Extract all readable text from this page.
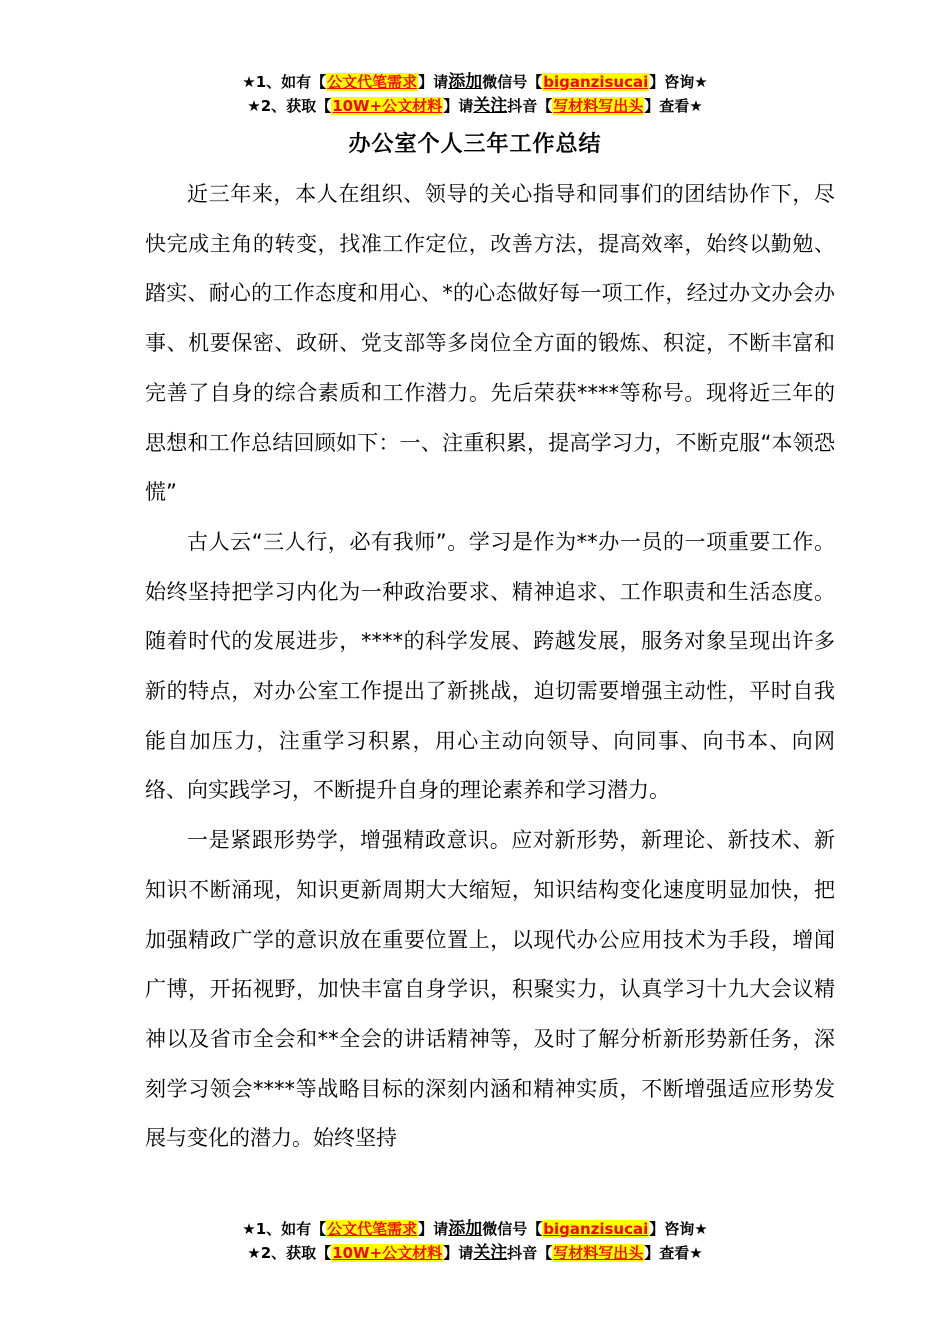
★1、如有【公文代笔需求】请添加微信号【biganzisucai】咨询★
★2、获取【10W+公文材料】请关注抖音【写材料写出头】查看★
办公室个人三年工作总结

近三年来，本人在组织、领导的关心指导和同事们的团结协作下，尽快完成主角的转变，找准工作定位，改善方法，提高效率，始终以勤勉、踏实、耐心的工作态度和用心、*的心态做好每一项工作，经过办文办会办事、机要保密、政研、党支部等多岗位全方面的锻炼、积淀，不断丰富和完善了自身的综合素质和工作潜力。先后荣获****等称号。现将近三年的思想和工作总结回顾如下：一、注重积累，提高学习力，不断克服“本领恐慌”

古人云“三人行，必有我师”。学习是作为**办一员的一项重要工作。始终坚持把学习内化为一种政治要求、精神追求、工作职责和生活态度。随着时代的发展进步，****的科学发展、跨越发展，服务对象呈现出许多新的特点，对办公室工作提出了新挑战，迫切需要增强主动性，平时自我能自加压力，注重学习积累，用心主动向领导、向同事、向书本、向网络、向实践学习，不断提升自身的理论素养和学习潜力。

一是紧跟形势学，增强精政意识。应对新形势，新理论、新技术、新知识不断涌现，知识更新周期大大缩短，知识结构变化速度明显加快，把加强精政广学的意识放在重要位置上，以现代办公应用技术为手段，增闻广博，开拓视野，加快丰富自身学识，积聚实力，认真学习十九大会议精神以及省市全会和**全会的讲话精神等，及时了解分析新形势新任务，深刻学习领会****等战略目标的深刻内涵和精神实质，不断增强适应形势发展与变化的潜力。始终坚持

★1、如有【公文代笔需求】请添加微信号【biganzisucai】咨询★
★2、获取【10W+公文材料】请关注抖音【写材料写出头】查看★
